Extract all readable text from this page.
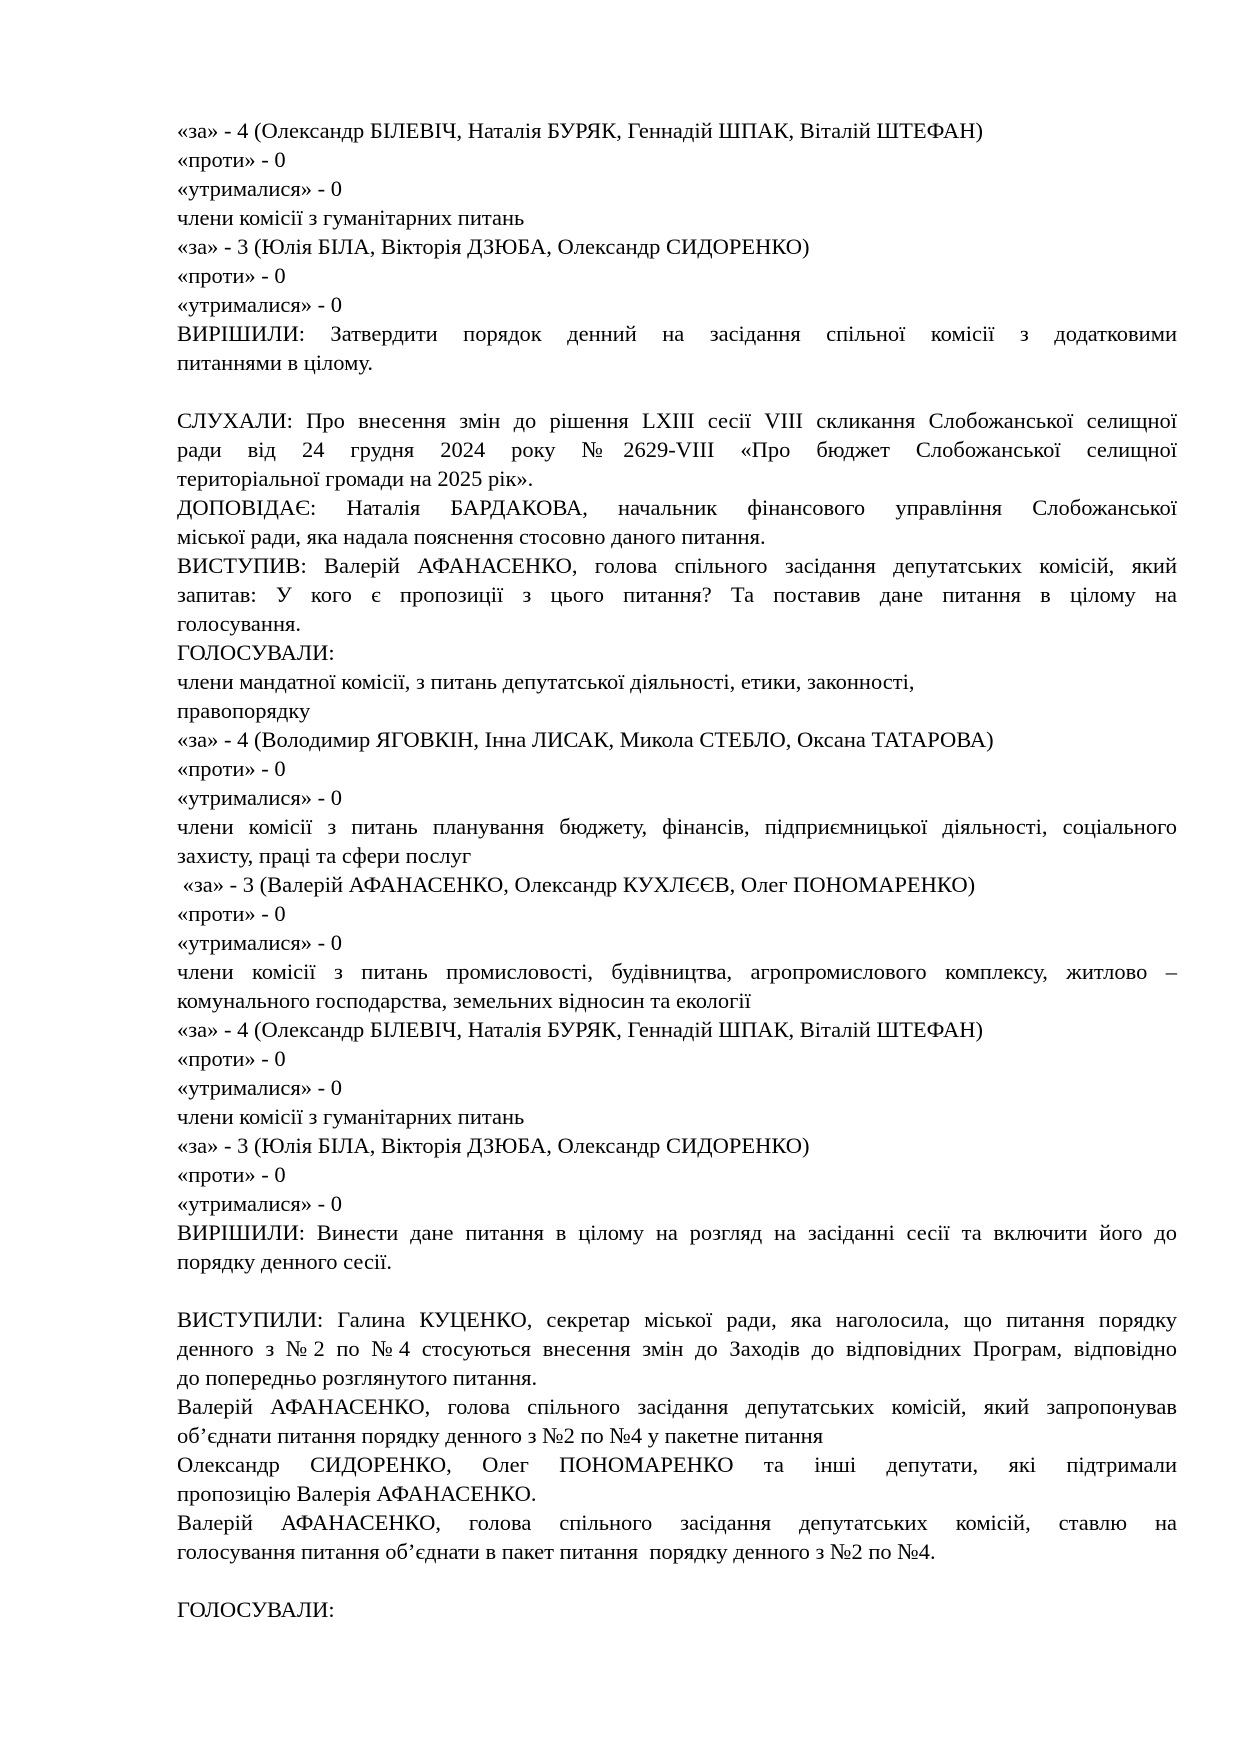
«за» - 4 (Олександр БІЛЕВІЧ, Наталія БУРЯК, Геннадій ШПАК, Віталій ШТЕФАН)
«проти» - 0
«утрималися» - 0
члени комісії з гуманітарних питань
«за» - 3 (Юлія БІЛА, Вікторія ДЗЮБА, Олександр СИДОРЕНКО)
«проти» - 0
«утрималися» - 0
ВИРІШИЛИ: Затвердити порядок денний на засідання спільної комісії з додатковими
питаннями в цілому.
СЛУХАЛИ: Про внесення змін до рішення LXIII сесії VIII скликання Слобожанської селищної
ради від 24 грудня 2024 року №2629-VIII «Про бюджет Слобожанської селищної
територіальної громади на 2025 рік».
ДОПОВІДАЄ: Наталія БАРДАКОВА, начальник фінансового управління Слобожанської
міської ради, яка надала пояснення стосовно даного питання.
ВИСТУПИВ: Валерій АФАНАСЕНКО, голова спільного засідання депутатських комісій, який
запитав: У кого є пропозиції з цього питання? Та поставив дане питання в цілому на
голосування.
ГОЛОСУВАЛИ:
члени мандатної комісії, з питань депутатської діяльності, етики, законності,
правопорядку
«за» - 4 (Володимир ЯГОВКІН, Інна ЛИСАК, Микола СТЕБЛО, Оксана ТАТАРОВА)
«проти» - 0
«утрималися» - 0
члени комісії з питань планування бюджету, фінансів, підприємницької діяльності, соціального
захисту, праці та сфери послуг
«за» - 3 (Валерій АФАНАСЕНКО, Олександр КУХЛЄЄВ, Олег ПОНОМАРЕНКО)
«проти» - 0
«утрималися» - 0
члени комісії з питань промисловості, будівництва, агропромислового комплексу, житлово –
комунального господарства, земельних відносин та екології
«за» - 4 (Олександр БІЛЕВІЧ, Наталія БУРЯК, Геннадій ШПАК, Віталій ШТЕФАН)
«проти» - 0
«утрималися» - 0
члени комісії з гуманітарних питань
«за» - 3 (Юлія БІЛА, Вікторія ДЗЮБА, Олександр СИДОРЕНКО)
«проти» - 0
«утрималися» - 0
ВИРІШИЛИ: Винести дане питання в цілому на розгляд на засіданні сесії та включити його до
порядку денного сесії.
ВИСТУПИЛИ: Галина КУЦЕНКО, секретар міської ради, яка наголосила, що питання порядку
денного з №2 по №4 стосуються внесення змін до Заходів до відповідних Програм, відповідно
до попередньо розглянутого питання.
Валерій АФАНАСЕНКО, голова спільного засідання депутатських комісій, який запропонував
об’єднати питання порядку денного з №2 по №4 у пакетне питання
Олександр СИДОРЕНКО, Олег ПОНОМАРЕНКО та інші депутати, які підтримали
пропозицію Валерія АФАНАСЕНКО.
Валерій АФАНАСЕНКО, голова спільного засідання депутатських комісій, ставлю на
голосування питання об’єднати в пакет питання  порядку денного з №2 по №4.
ГОЛОСУВАЛИ:
